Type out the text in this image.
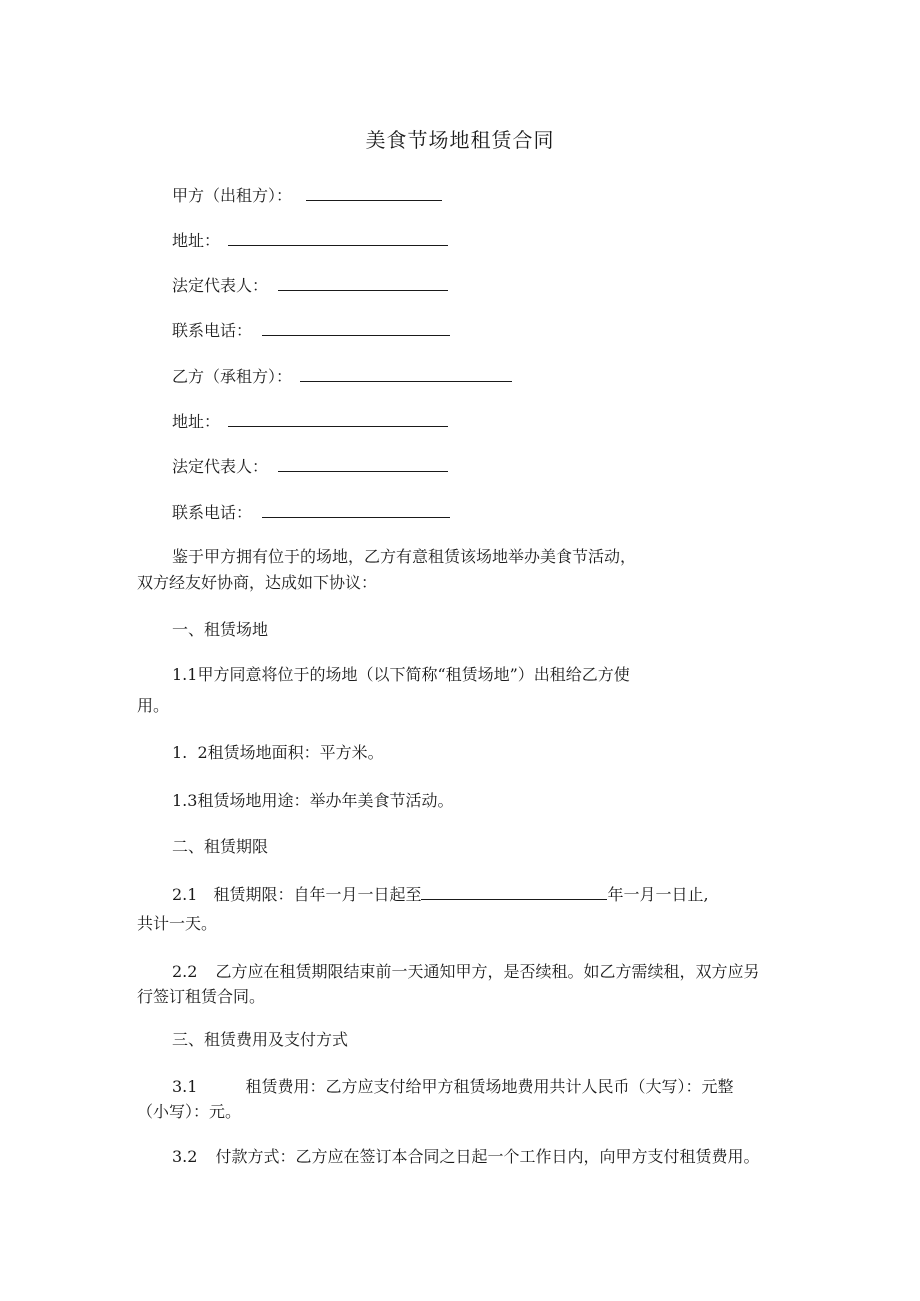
美食节场地租赁合同
甲方（出租方）：
地址：
法定代表人：
联系电话：
乙方（承租方）：
地址：
法定代表人：
联系电话：
鉴于甲方拥有位于的场地，乙方有意租赁该场地举办美食节活动，
双方经友好协商，达成如下协议：
一、租赁场地
1.1甲方同意将位于的场地（以下简称“租赁场地”）出租给乙方使
用。
1.  2租赁场地面积：平方米。
1.3租赁场地用途：举办年美食节活动。
二、租赁期限
2.1 租赁期限：自年一月一日起至	年一月一日止,
共计一天。
2.2 乙方应在租赁期限结束前一天通知甲方，是否续租。如乙方需续租，双方应另
行签订租赁合同。
三、租赁费用及支付方式
3.1	租赁费用：乙方应支付给甲方租赁场地费用共计人民币（大写）：元整
（小写）：元。
3.2 付款方式：乙方应在签订本合同之日起一个工作日内，向甲方支付租赁费用。
